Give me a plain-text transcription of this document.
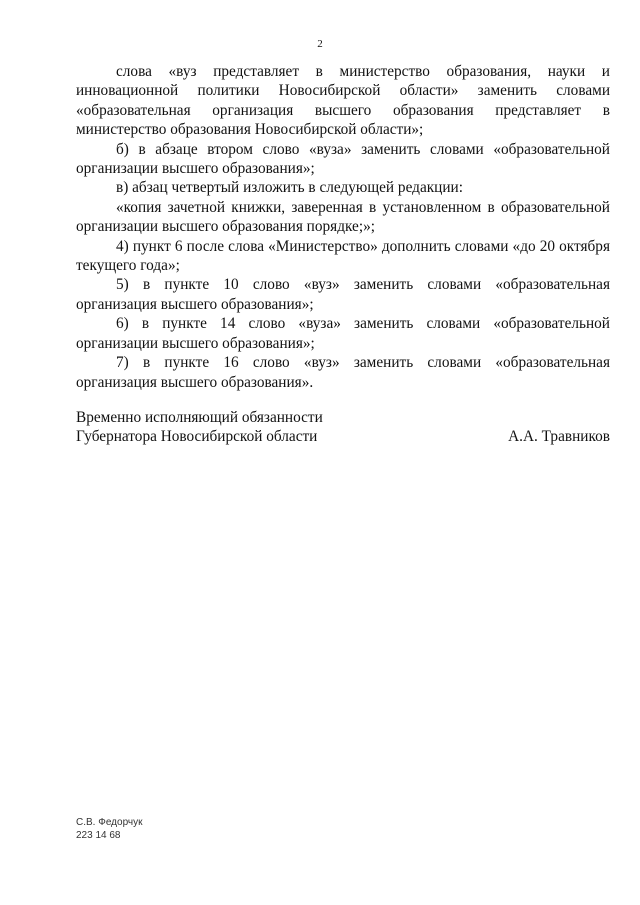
2

слова «вуз представляет в министерство образования, науки и инновационной политики Новосибирской области» заменить словами «образовательная организация высшего образования представляет в министерство образования Новосибирской области»;

б) в абзаце втором слово «вуза» заменить словами «образовательной организации высшего образования»;

в) абзац четвертый изложить в следующей редакции:

«копия зачетной книжки, заверенная в установленном в образовательной организации высшего образования порядке;»;

4) пункт 6 после слова «Министерство» дополнить словами «до 20 октября текущего года»;

5) в пункте 10 слово «вуз» заменить словами «образовательная организация высшего образования»;

6) в пункте 14 слово «вуза» заменить словами «образовательной организации высшего образования»;

7) в пункте 16 слово «вуз» заменить словами «образовательная организация высшего образования».

Временно исполняющий обязанности
Губернатора Новосибирской области	А.А. Травников
С.В. Федорчук
223 14 68
